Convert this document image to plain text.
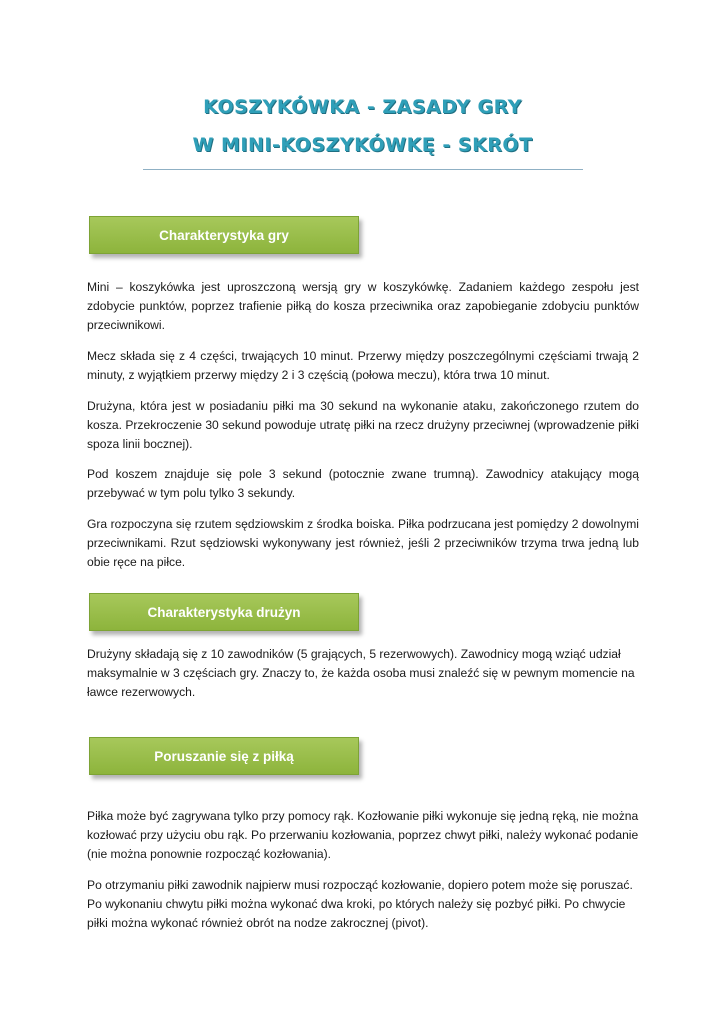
KOSZYKÓWKA - ZASADY GRY
W MINI-KOSZYKÓWKĘ - SKRÓT
Charakterystyka gry

Mini – koszykówka jest uproszczoną wersją gry w koszykówkę. Zadaniem każdego zespołu jest zdobycie punktów, poprzez trafienie piłką do kosza przeciwnika oraz zapobieganie zdobyciu punktów przeciwnikowi.

Mecz składa się z 4 części, trwających 10 minut. Przerwy między poszczególnymi częściami trwają 2 minuty, z wyjątkiem przerwy między 2 i 3 częścią (połowa meczu), która trwa 10 minut.

Drużyna, która jest w posiadaniu piłki ma 30 sekund na wykonanie ataku, zakończonego rzutem do kosza. Przekroczenie 30 sekund powoduje utratę piłki na rzecz drużyny przeciwnej (wprowadzenie piłki spoza linii bocznej).

Pod koszem znajduje się pole 3 sekund (potocznie zwane trumną). Zawodnicy atakujący mogą przebywać w tym polu tylko 3 sekundy.

Gra rozpoczyna się rzutem sędziowskim z środka boiska. Piłka podrzucana jest pomiędzy 2 dowolnymi przeciwnikami. Rzut sędziowski wykonywany jest również, jeśli 2 przeciwników trzyma trwa jedną lub obie ręce na piłce.

Charakterystyka drużyn

Drużyny składają się z 10 zawodników (5 grających, 5 rezerwowych). Zawodnicy mogą wziąć udział maksymalnie w 3 częściach gry. Znaczy to, że każda osoba musi znaleźć się w pewnym momencie na ławce rezerwowych.

Poruszanie się z piłką

Piłka może być zagrywana tylko przy pomocy rąk. Kozłowanie piłki wykonuje się jedną ręką, nie można kozłować przy użyciu obu rąk. Po przerwaniu kozłowania, poprzez chwyt piłki, należy wykonać podanie (nie można ponownie rozpocząć kozłowania).

Po otrzymaniu piłki zawodnik najpierw musi rozpocząć kozłowanie, dopiero potem może się poruszać. Po wykonaniu chwytu piłki można wykonać dwa kroki, po których należy się pozbyć piłki. Po chwycie piłki można wykonać również obrót na nodze zakrocznej (pivot).
